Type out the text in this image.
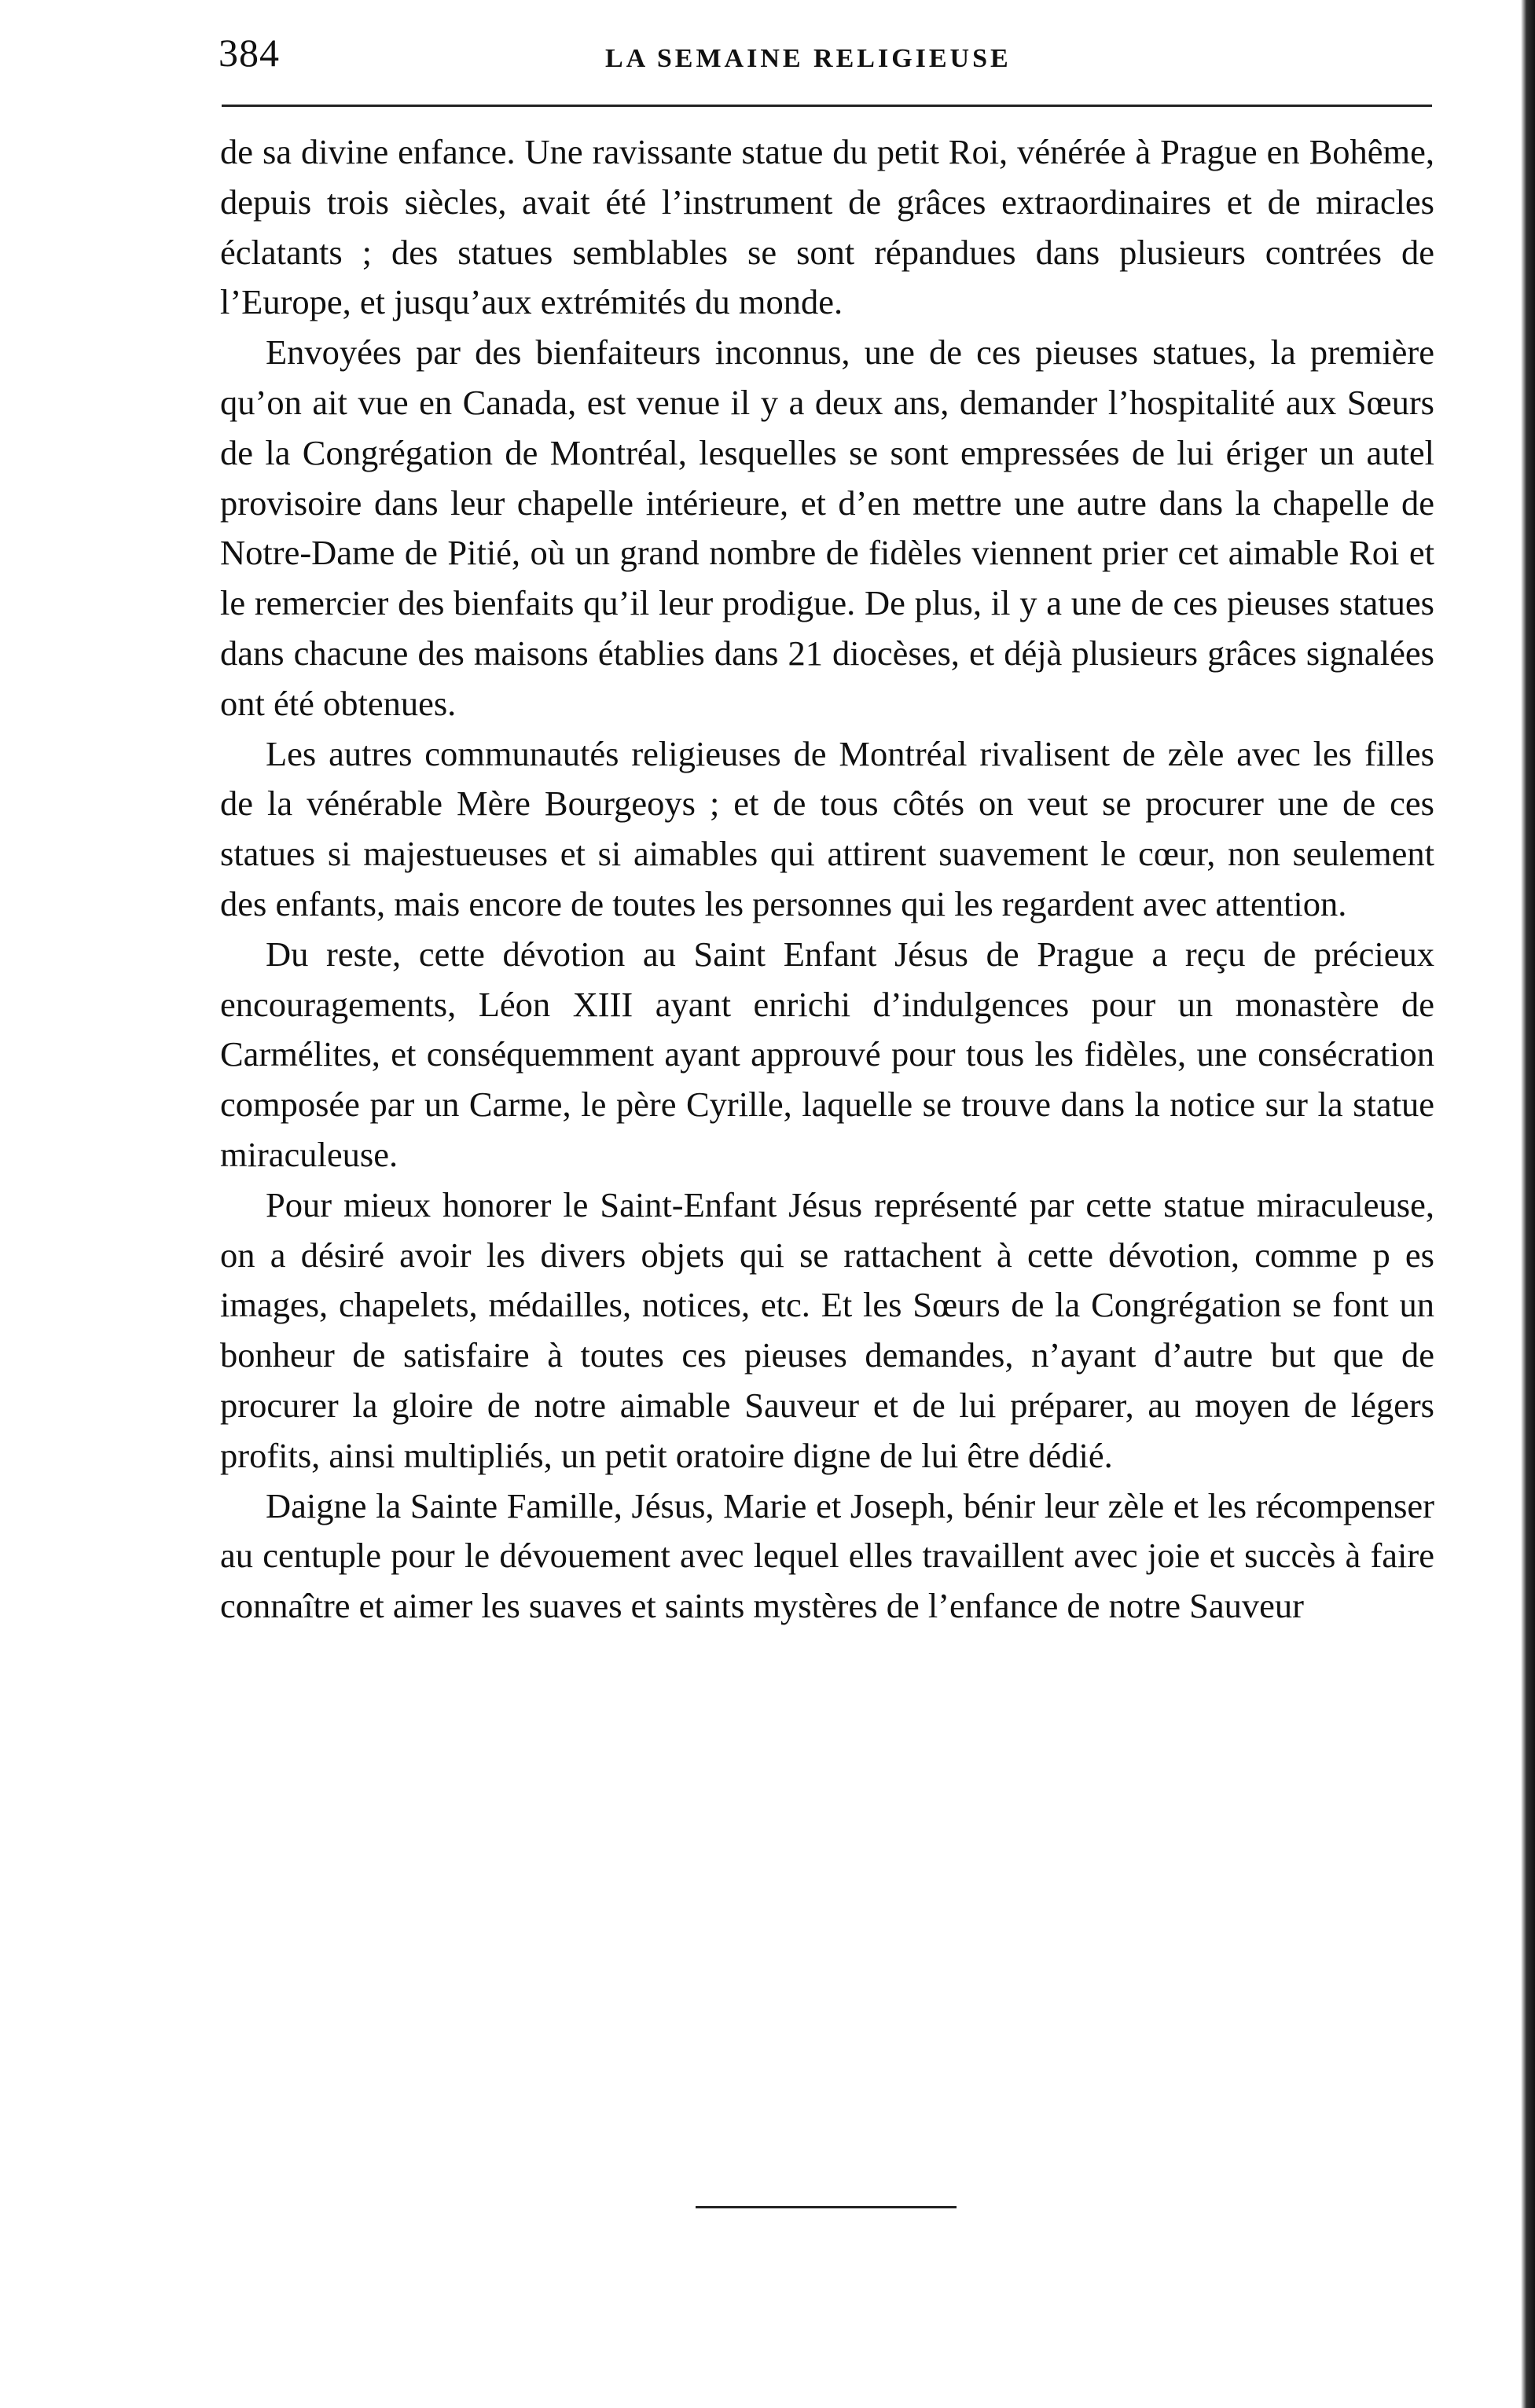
384	LA SEMAINE RELIGIEUSE

de sa divine enfance. Une ravissante statue du petit Roi, vénérée à Prague en Bohême, depuis trois siècles, avait été l’instrument de grâces extraordinaires et de miracles éclatants ; des statues semblables se sont répandues dans plusieurs contrées de l’Europe, et jusqu’aux extrémités du monde.

Envoyées par des bienfaiteurs inconnus, une de ces pieuses statues, la première qu’on ait vue en Canada, est venue il y a deux ans, demander l’hospitalité aux Sœurs de la Congrégation de Montréal, lesquelles se sont empressées de lui ériger un autel provisoire dans leur chapelle intérieure, et d’en mettre une autre dans la chapelle de Notre-Dame de Pitié, où un grand nombre de fidèles viennent prier cet aimable Roi et le remercier des bienfaits qu’il leur prodigue. De plus, il y a une de ces pieuses statues dans chacune des maisons établies dans 21 diocèses, et déjà plusieurs grâces signalées ont été obtenues.

Les autres communautés religieuses de Montréal rivalisent de zèle avec les filles de la vénérable Mère Bourgeoys ; et de tous côtés on veut se procurer une de ces statues si majestueuses et si aimables qui attirent suavement le cœur, non seulement des enfants, mais encore de toutes les personnes qui les regardent avec attention.

Du reste, cette dévotion au Saint Enfant Jésus de Prague a reçu de précieux encouragements, Léon XIII ayant enrichi d’indulgences pour un monastère de Carmélites, et conséquemment ayant approuvé pour tous les fidèles, une consécration composée par un Carme, le père Cyrille, laquelle se trouve dans la notice sur la statue miraculeuse.

Pour mieux honorer le Saint-Enfant Jésus représenté par cette statue miraculeuse, on a désiré avoir les divers objets qui se rattachent à cette dévotion, comme p es images, chapelets, médailles, notices, etc. Et les Sœurs de la Congrégation se font un bonheur de satisfaire à toutes ces pieuses demandes, n’ayant d’autre but que de procurer la gloire de notre aimable Sauveur et de lui préparer, au moyen de légers profits, ainsi multipliés, un petit oratoire digne de lui être dédié.

Daigne la Sainte Famille, Jésus, Marie et Joseph, bénir leur zèle et les récompenser au centuple pour le dévouement avec lequel elles travaillent avec joie et succès à faire connaître et aimer les suaves et saints mystères de l’enfance de notre Sauveur
